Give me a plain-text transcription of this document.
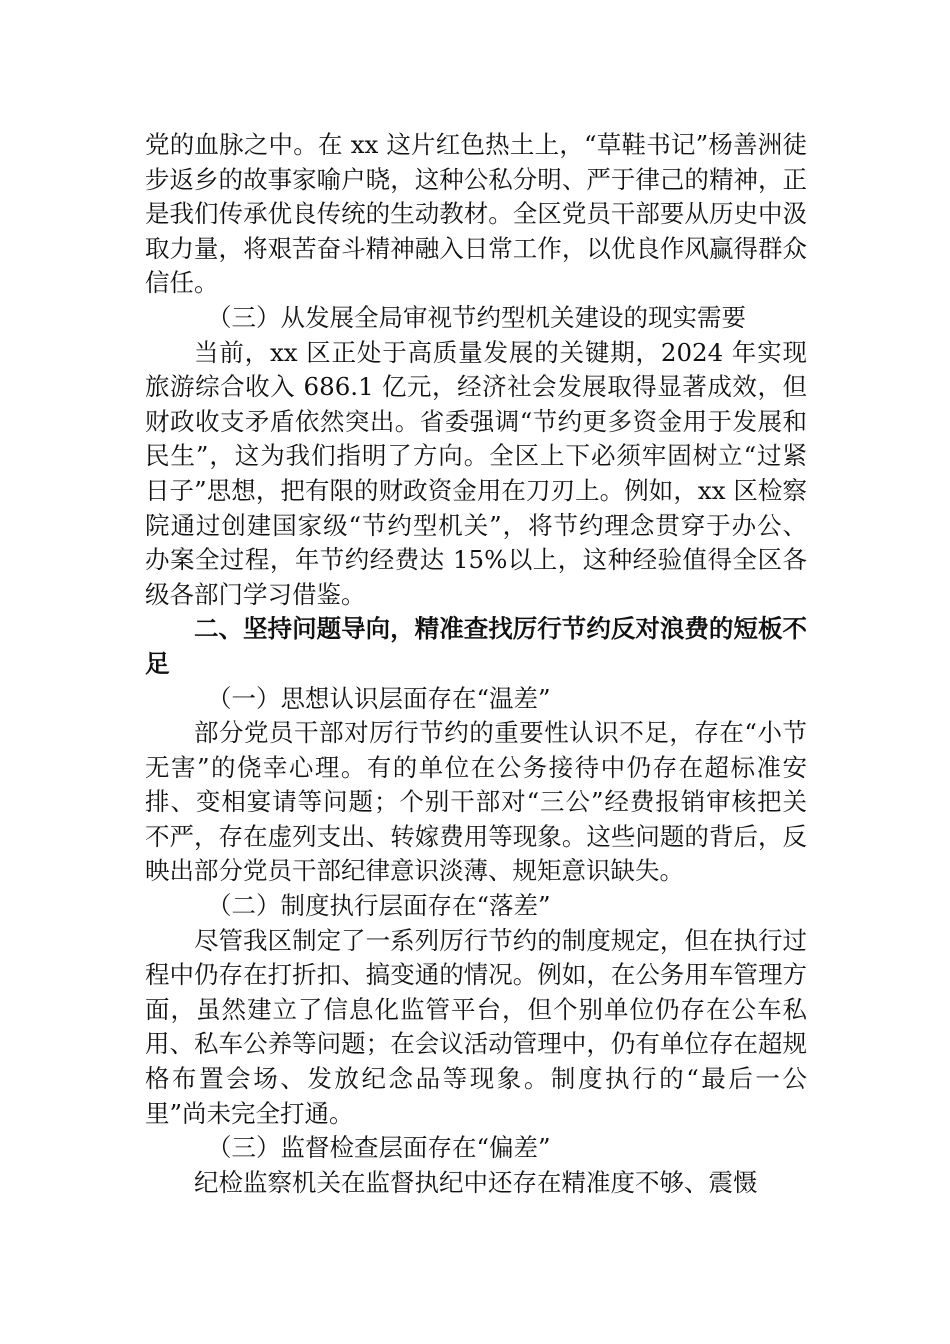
党的血脉之中。在 xx 这片红色热土上，“草鞋书记”杨善洲徒步返乡的故事家喻户晓，这种公私分明、严于律己的精神，正是我们传承优良传统的生动教材。全区党员干部要从历史中汲取力量，将艰苦奋斗精神融入日常工作，以优良作风赢得群众信任。

（三）从发展全局审视节约型机关建设的现实需要

当前，xx 区正处于高质量发展的关键期，2024 年实现旅游综合收入 686.1 亿元，经济社会发展取得显著成效，但财政收支矛盾依然突出。省委强调“节约更多资金用于发展和民生”，这为我们指明了方向。全区上下必须牢固树立“过紧日子”思想，把有限的财政资金用在刀刃上。例如，xx 区检察院通过创建国家级“节约型机关”，将节约理念贯穿于办公、办案全过程，年节约经费达 15%以上，这种经验值得全区各级各部门学习借鉴。

二、坚持问题导向，精准查找厉行节约反对浪费的短板不足

（一）思想认识层面存在“温差”

部分党员干部对厉行节约的重要性认识不足，存在“小节无害”的侥幸心理。有的单位在公务接待中仍存在超标准安排、变相宴请等问题；个别干部对“三公”经费报销审核把关不严，存在虚列支出、转嫁费用等现象。这些问题的背后，反映出部分党员干部纪律意识淡薄、规矩意识缺失。

（二）制度执行层面存在“落差”

尽管我区制定了一系列厉行节约的制度规定，但在执行过程中仍存在打折扣、搞变通的情况。例如，在公务用车管理方面，虽然建立了信息化监管平台，但个别单位仍存在公车私用、私车公养等问题；在会议活动管理中，仍有单位存在超规格布置会场、发放纪念品等现象。制度执行的“最后一公里”尚未完全打通。

（三）监督检查层面存在“偏差”

纪检监察机关在监督执纪中还存在精准度不够、震慑
